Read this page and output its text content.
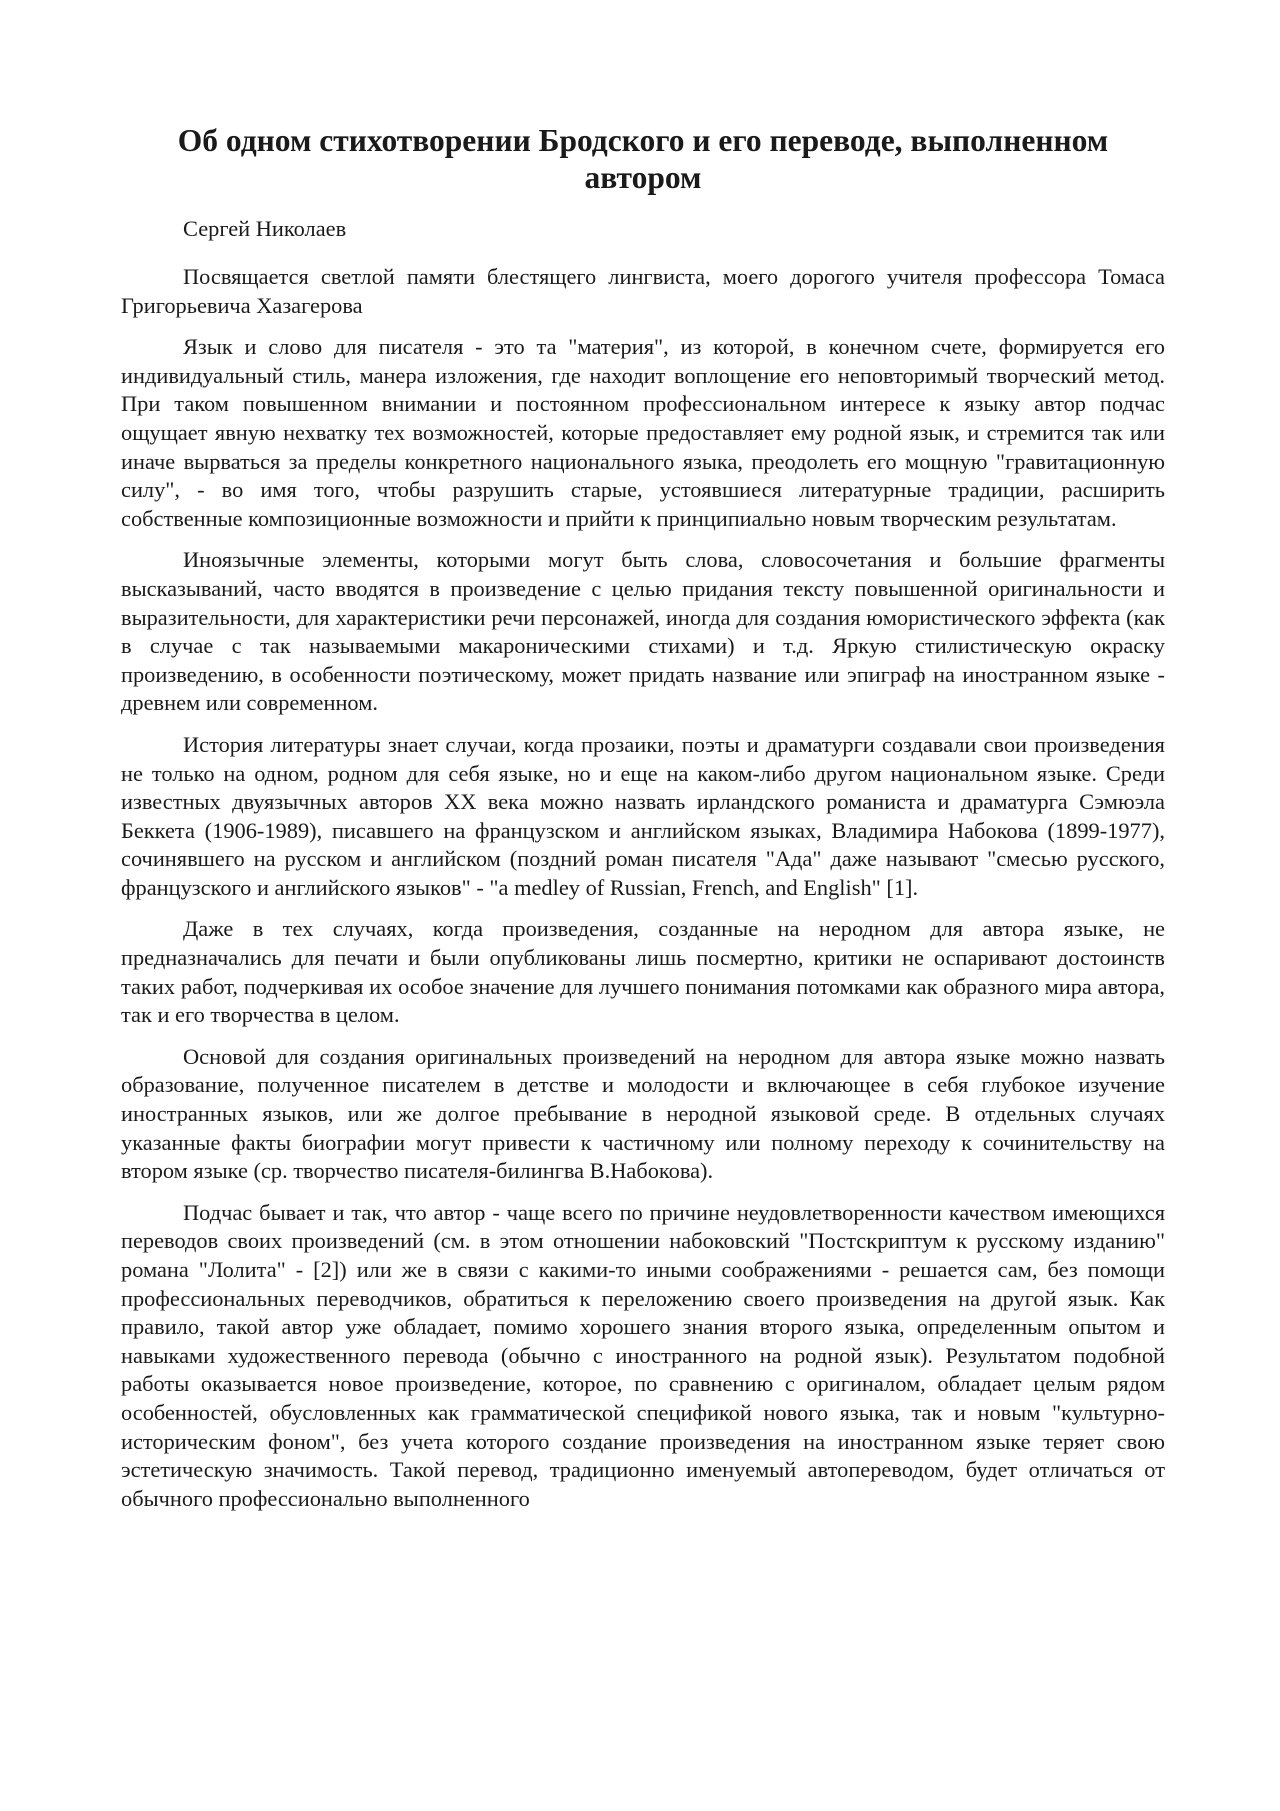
Об одном стихотворении Бродского и его переводе, выполненном автором

Сергей Николаев

Посвящается светлой памяти блестящего лингвиста, моего дорогого учителя профессора Томаса Григорьевича Хазагерова

Язык и слово для писателя - это та "материя", из которой, в конечном счете, формируется его индивидуальный стиль, манера изложения, где находит воплощение его неповторимый творческий метод. При таком повышенном внимании и постоянном профессиональном интересе к языку автор подчас ощущает явную нехватку тех возможностей, которые предоставляет ему родной язык, и стремится так или иначе вырваться за пределы конкретного национального языка, преодолеть его мощную "гравитационную силу", - во имя того, чтобы разрушить старые, устоявшиеся литературные традиции, расширить собственные композиционные возможности и прийти к принципиально новым творческим результатам.

Иноязычные элементы, которыми могут быть слова, словосочетания и большие фрагменты высказываний, часто вводятся в произведение с целью придания тексту повышенной оригинальности и выразительности, для характеристики речи персонажей, иногда для создания юмористического эффекта (как в случае с так называемыми макароническими стихами) и т.д. Яркую стилистическую окраску произведению, в особенности поэтическому, может придать название или эпиграф на иностранном языке - древнем или современном.

История литературы знает случаи, когда прозаики, поэты и драматурги создавали свои произведения не только на одном, родном для себя языке, но и еще на каком-либо другом национальном языке. Среди известных двуязычных авторов XX века можно назвать ирландского романиста и драматурга Сэмюэла Беккета (1906-1989), писавшего на французском и английском языках, Владимира Набокова (1899-1977), сочинявшего на русском и английском (поздний роман писателя "Ада" даже называют "смесью русского, французского и английского языков" - "a medley of Russian, French, and English" [1].

Даже в тех случаях, когда произведения, созданные на неродном для автора языке, не предназначались для печати и были опубликованы лишь посмертно, критики не оспаривают достоинств таких работ, подчеркивая их особое значение для лучшего понимания потомками как образного мира автора, так и его творчества в целом.

Основой для создания оригинальных произведений на неродном для автора языке можно назвать образование, полученное писателем в детстве и молодости и включающее в себя глубокое изучение иностранных языков, или же долгое пребывание в неродной языковой среде. В отдельных случаях указанные факты биографии могут привести к частичному или полному переходу к сочинительству на втором языке (ср. творчество писателя-билингва В.Набокова).

Подчас бывает и так, что автор - чаще всего по причине неудовлетворенности качеством имеющихся переводов своих произведений (см. в этом отношении набоковский "Постскриптум к русскому изданию" романа "Лолита" - [2]) или же в связи с какими-то иными соображениями - решается сам, без помощи профессиональных переводчиков, обратиться к переложению своего произведения на другой язык. Как правило, такой автор уже обладает, помимо хорошего знания второго языка, определенным опытом и навыками художественного перевода (обычно с иностранного на родной язык). Результатом подобной работы оказывается новое произведение, которое, по сравнению с оригиналом, обладает целым рядом особенностей, обусловленных как грамматической спецификой нового языка, так и новым "культурно-историческим фоном", без учета которого создание произведения на иностранном языке теряет свою эстетическую значимость. Такой перевод, традиционно именуемый автопереводом, будет отличаться от обычного профессионально выполненного
